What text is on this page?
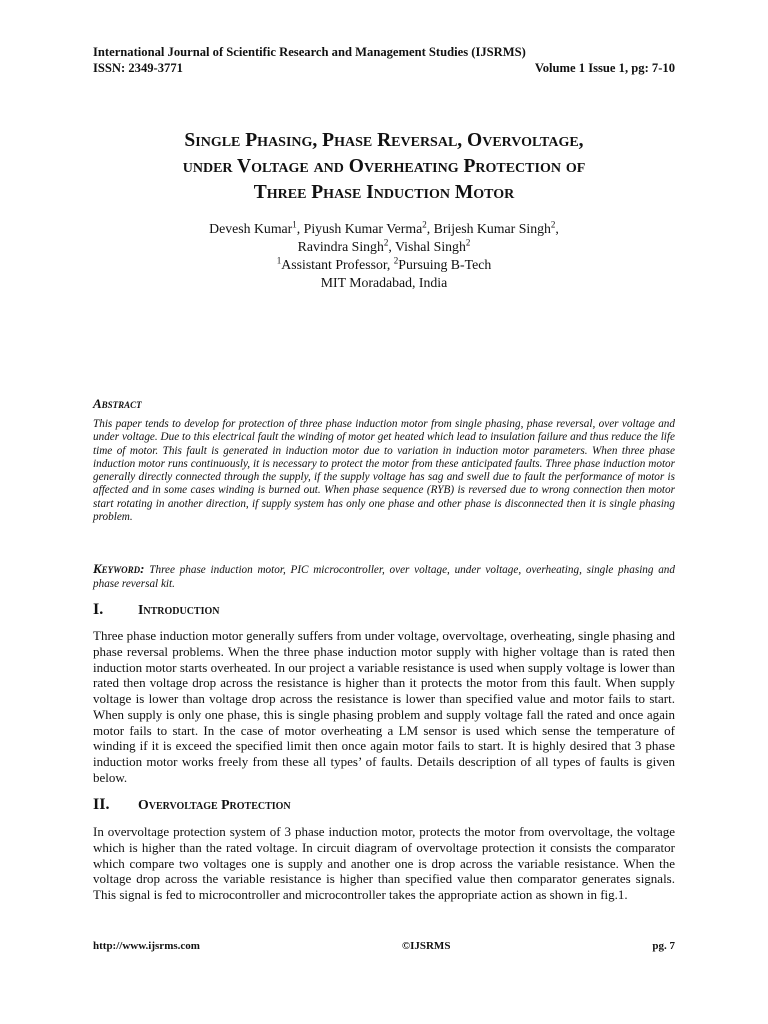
International Journal of Scientific Research and Management Studies (IJSRMS)
ISSN: 2349-3771	Volume 1 Issue 1, pg: 7-10
Single Phasing, Phase Reversal, Overvoltage,
under Voltage and Overheating Protection of
Three Phase Induction Motor
Devesh Kumar$^1$, Piyush Kumar Verma$^2$, Brijesh Kumar Singh$^2$,
Ravindra Singh$^2$, Vishal Singh$^2$
$^1$Assistant Professor, $^2$Pursuing B-Tech
MIT Moradabad, India
Abstract

This paper tends to develop for protection of three phase induction motor from single phasing, phase reversal, over voltage and under voltage. Due to this electrical fault the winding of motor get heated which lead to insulation failure and thus reduce the life time of motor. This fault is generated in induction motor due to variation in induction motor parameters. When three phase induction motor runs continuously, it is necessary to protect the motor from these anticipated faults. Three phase induction motor generally directly connected through the supply, if the supply voltage has sag and swell due to fault the performance of motor is affected and in some cases winding is burned out. When phase sequence (RYB) is reversed due to wrong connection then motor start rotating in another direction, if supply system has only one phase and other phase is disconnected then it is single phasing problem.

Keyword: Three phase induction motor, PIC microcontroller, over voltage, under voltage, overheating, single phasing and phase reversal kit.

I.	Introduction

Three phase induction motor generally suffers from under voltage, overvoltage, overheating, single phasing and phase reversal problems. When the three phase induction motor supply with higher voltage than is rated then induction motor starts overheated. In our project a variable resistance is used when supply voltage is lower than rated then voltage drop across the resistance is higher than it protects the motor from this fault. When supply voltage is lower than voltage drop across the resistance is lower than specified value and motor fails to start. When supply is only one phase, this is single phasing problem and supply voltage fall the rated and once again motor fails to start. In the case of motor overheating a LM sensor is used which sense the temperature of winding if it is exceed the specified limit then once again motor fails to start. It is highly desired that 3 phase induction motor works freely from these all types’ of faults. Details description of all types of faults is given below.

II. Overvoltage Protection

In overvoltage protection system of 3 phase induction motor, protects the motor from overvoltage, the voltage which is higher than the rated voltage. In circuit diagram of overvoltage protection it consists the comparator which compare two voltages one is supply and another one is drop across the variable resistance. When the voltage drop across the variable resistance is higher than specified value then comparator generates signals. This signal is fed to microcontroller and microcontroller takes the appropriate action as shown in fig.1.

http://www.ijsrms.com	©IJSRMS	pg. 7
